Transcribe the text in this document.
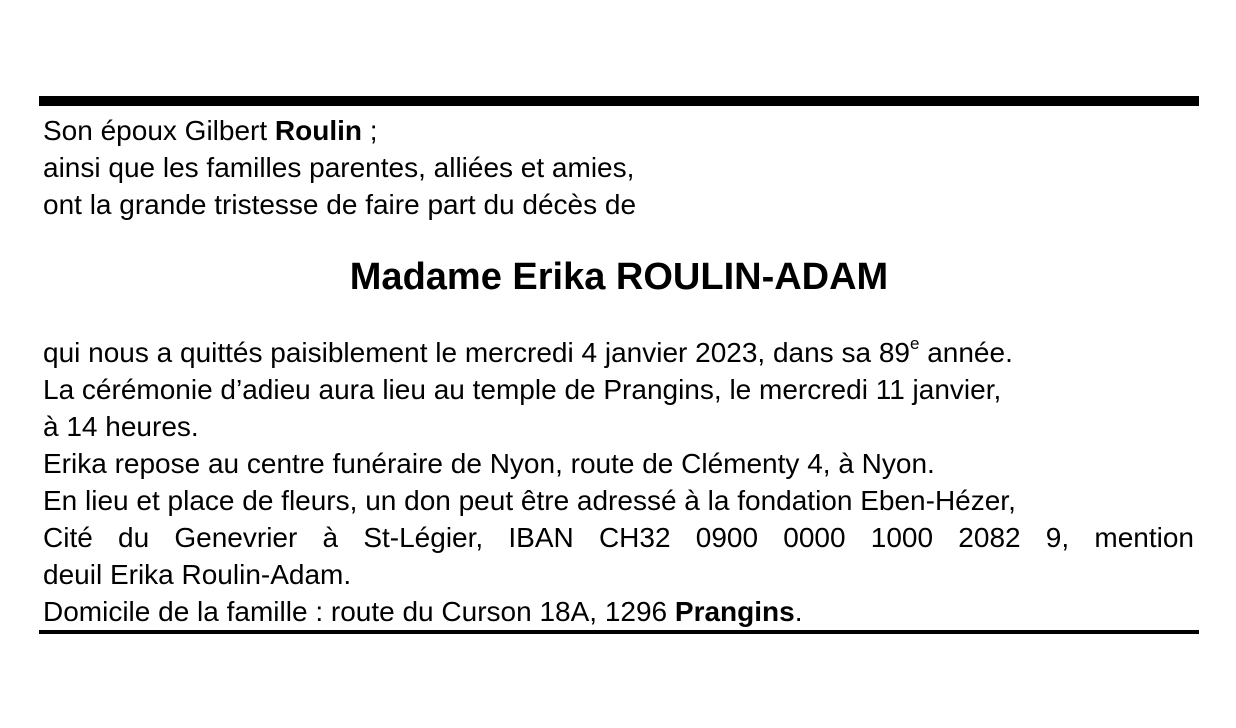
Son époux Gilbert Roulin ;
ainsi que les familles parentes, alliées et amies,
ont la grande tristesse de faire part du décès de
Madame Erika ROULIN-ADAM
qui nous a quittés paisiblement le mercredi 4 janvier 2023, dans sa 89e année.
La cérémonie d’adieu aura lieu au temple de Prangins, le mercredi 11 janvier,
à 14 heures.
Erika repose au centre funéraire de Nyon, route de Clémenty 4, à Nyon.
En lieu et place de fleurs, un don peut être adressé à la fondation Eben-Hézer,
Cité du Genevrier à St-Légier, IBAN CH32 0900 0000 1000 2082 9, mention
deuil Erika Roulin-Adam.
Domicile de la famille : route du Curson 18A, 1296 Prangins.
